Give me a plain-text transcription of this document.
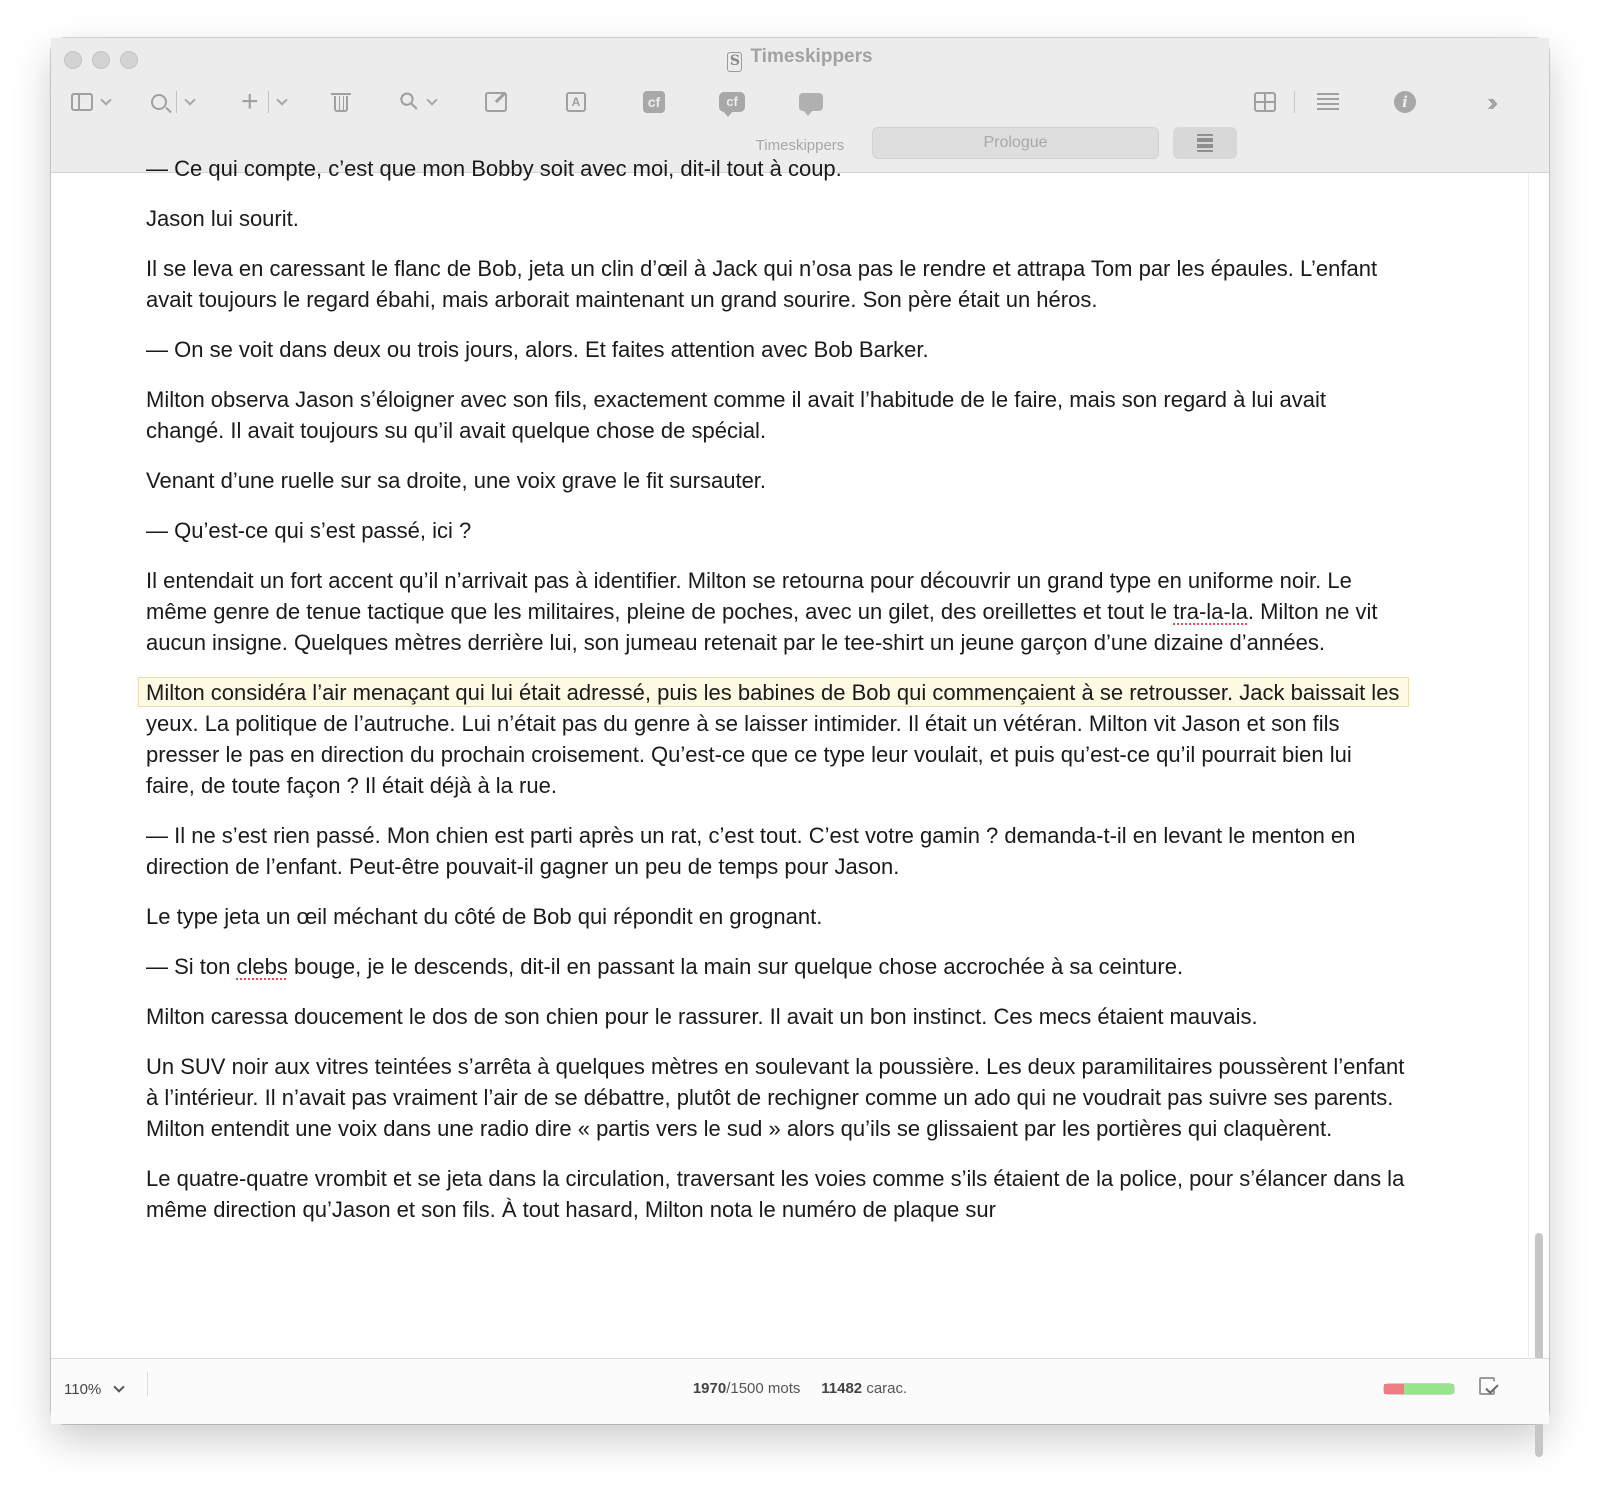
S Timeskippers
+	⚲	A	cf	cf
Prologue
i	››
Timeskippers

— Ce qui compte, c’est que mon Bobby soit avec moi, dit-il tout à coup.

Jason lui sourit.

Il se leva en caressant le flanc de Bob, jeta un clin d’œil à Jack qui n’osa pas le rendre et attrapa Tom par les épaules. L’enfant avait toujours le regard ébahi, mais arborait maintenant un grand sourire. Son père était un héros.

— On se voit dans deux ou trois jours, alors. Et faites attention avec Bob Barker.

Milton observa Jason s’éloigner avec son fils, exactement comme il avait l’habitude de le faire, mais son regard à lui avait changé. Il avait toujours su qu’il avait quelque chose de spécial.

Venant d’une ruelle sur sa droite, une voix grave le fit sursauter.

— Qu’est-ce qui s’est passé, ici ?

Il entendait un fort accent qu’il n’arrivait pas à identifier. Milton se retourna pour découvrir un grand type en uniforme noir. Le même genre de tenue tactique que les militaires, pleine de poches, avec un gilet, des oreillettes et tout le tra-la-la. Milton ne vit aucun insigne. Quelques mètres derrière lui, son jumeau retenait par le tee-shirt un jeune garçon d’une dizaine d’années.

Milton considéra l’air menaçant qui lui était adressé, puis les babines de Bob qui commençaient à se retrousser. Jack baissait les yeux. La politique de l’autruche. Lui n’était pas du genre à se laisser intimider. Il était un vétéran. Milton vit Jason et son fils presser le pas en direction du prochain croisement. Qu’est-ce que ce type leur voulait, et puis qu’est-ce qu’il pourrait bien lui faire, de toute façon ? Il était déjà à la rue.

— Il ne s’est rien passé. Mon chien est parti après un rat, c’est tout. C’est votre gamin ? demanda-t-il en levant le menton en direction de l’enfant. Peut-être pouvait-il gagner un peu de temps pour Jason.

Le type jeta un œil méchant du côté de Bob qui répondit en grognant.

— Si ton clebs bouge, je le descends, dit-il en passant la main sur quelque chose accrochée à sa ceinture.

Milton caressa doucement le dos de son chien pour le rassurer. Il avait un bon instinct. Ces mecs étaient mauvais.

Un SUV noir aux vitres teintées s’arrêta à quelques mètres en soulevant la poussière. Les deux paramilitaires poussèrent l’enfant à l’intérieur. Il n’avait pas vraiment l’air de se débattre, plutôt de rechigner comme un ado qui ne voudrait pas suivre ses parents. Milton entendit une voix dans une radio dire « partis vers le sud » alors qu’ils se glissaient par les portières qui claquèrent.

Le quatre-quatre vrombit et se jeta dans la circulation, traversant les voies comme s’ils étaient de la police, pour s’élancer dans la même direction qu’Jason et son fils. À tout hasard, Milton nota le numéro de plaque sur

110%	1970/1500 mots 11482 carac.
